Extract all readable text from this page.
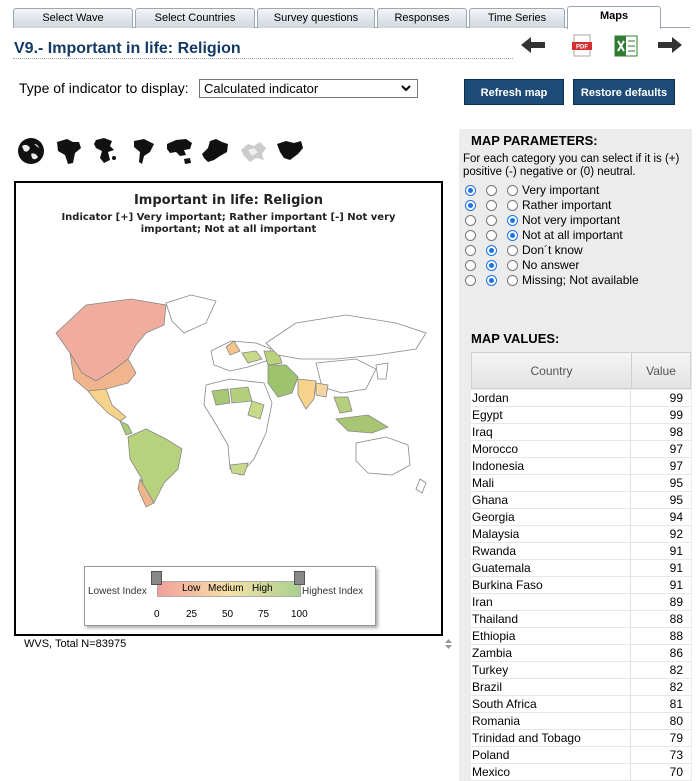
Select Wave	Select Countries	Survey questions	Responses	Time Series	Maps
V9.- Important in life: Religion	PDF
Type of indicator to display:	Calculated indicator	Refresh map	Restore defaults
Important in life: Religion
Indicator [+] Very important; Rather important [-] Not very important; Not at all important
Lowest Index	Highest Index
Low Medium High
0	25 50 75 100
WVS, Total N=83975
MAP PARAMETERS:
For each category you can select if it is (+) positive (-) negative or (0) neutral.
Very important
Rather important
Not very important
Not at all important
Don´t know
No answer
Missing; Not available
MAP VALUES:
Country	Value
Jordan	99
Egypt	99
Iraq	98
Morocco	97
Indonesia	97
Mali	95
Ghana	95
Georgia	94
Malaysia	92
Rwanda	91
Guatemala	91
Burkina Faso	91
Iran	89
Thailand	88
Ethiopia	88
Zambia	86
Turkey	82
Brazil	82
South Africa	81
Romania	80
Trinidad and Tobago	79
Poland	73
Mexico	70
